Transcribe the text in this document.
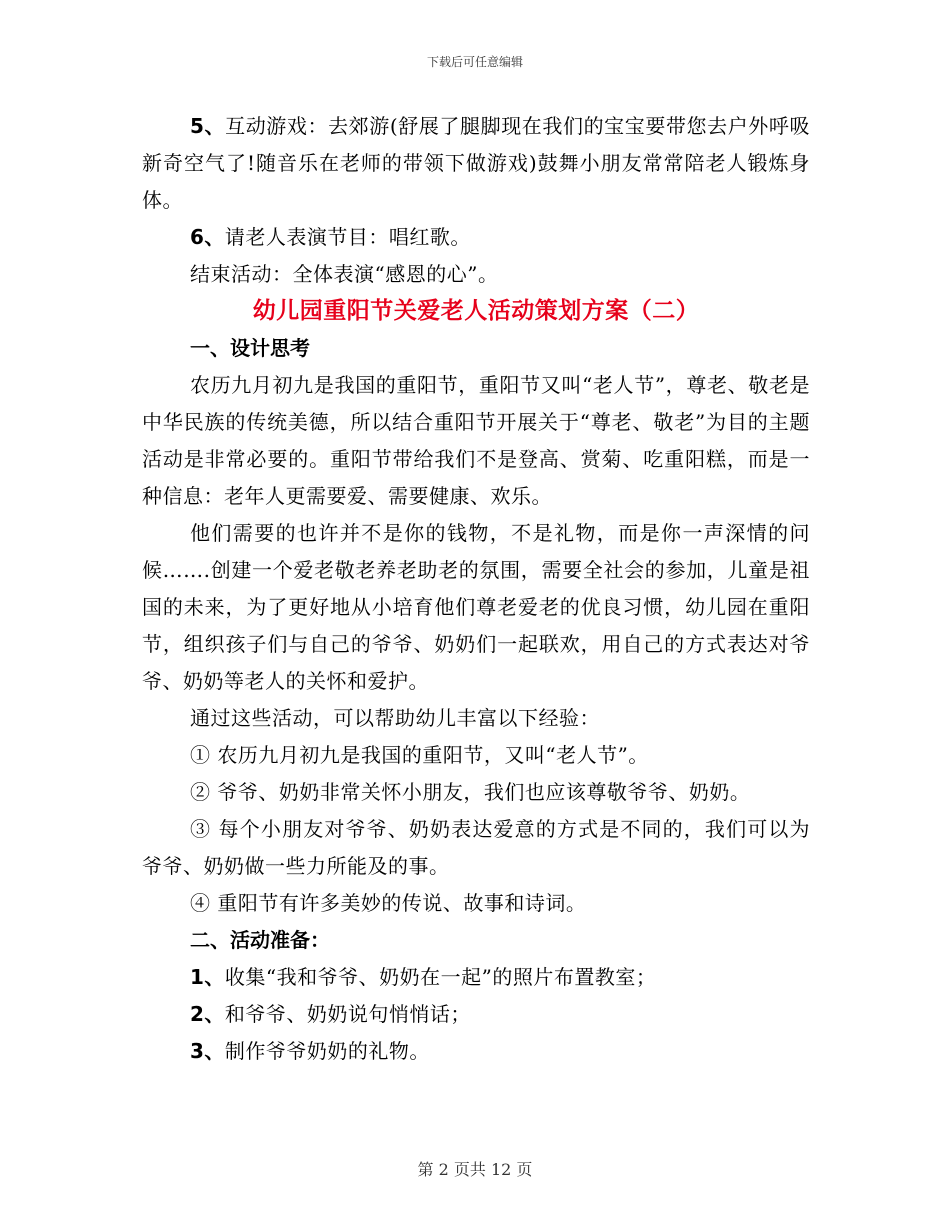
下载后可任意编辑

5、互动游戏：去郊游(舒展了腿脚现在我们的宝宝要带您去户外呼吸新奇空气了!随音乐在老师的带领下做游戏)鼓舞小朋友常常陪老人锻炼身体。

6、请老人表演节目：唱红歌。

结束活动：全体表演“感恩的心”。

幼儿园重阳节关爱老人活动策划方案（二）

一、设计思考

农历九月初九是我国的重阳节，重阳节又叫“老人节”，尊老、敬老是中华民族的传统美德，所以结合重阳节开展关于“尊老、敬老”为目的主题活动是非常必要的。重阳节带给我们不是登高、赏菊、吃重阳糕，而是一种信息：老年人更需要爱、需要健康、欢乐。

他们需要的也许并不是你的钱物，不是礼物，而是你一声深情的问候…….创建一个爱老敬老养老助老的氛围，需要全社会的参加，儿童是祖国的未来，为了更好地从小培育他们尊老爱老的优良习惯，幼儿园在重阳节，组织孩子们与自己的爷爷、奶奶们一起联欢，用自己的方式表达对爷爷、奶奶等老人的关怀和爱护。

通过这些活动，可以帮助幼儿丰富以下经验：

① 农历九月初九是我国的重阳节，又叫“老人节”。

② 爷爷、奶奶非常关怀小朋友，我们也应该尊敬爷爷、奶奶。

③ 每个小朋友对爷爷、奶奶表达爱意的方式是不同的，我们可以为爷爷、奶奶做一些力所能及的事。

④ 重阳节有许多美妙的传说、故事和诗词。

二、活动准备：

1、收集“我和爷爷、奶奶在一起”的照片布置教室；

2、和爷爷、奶奶说句悄悄话；

3、制作爷爷奶奶的礼物。

第 2 页共 12 页
